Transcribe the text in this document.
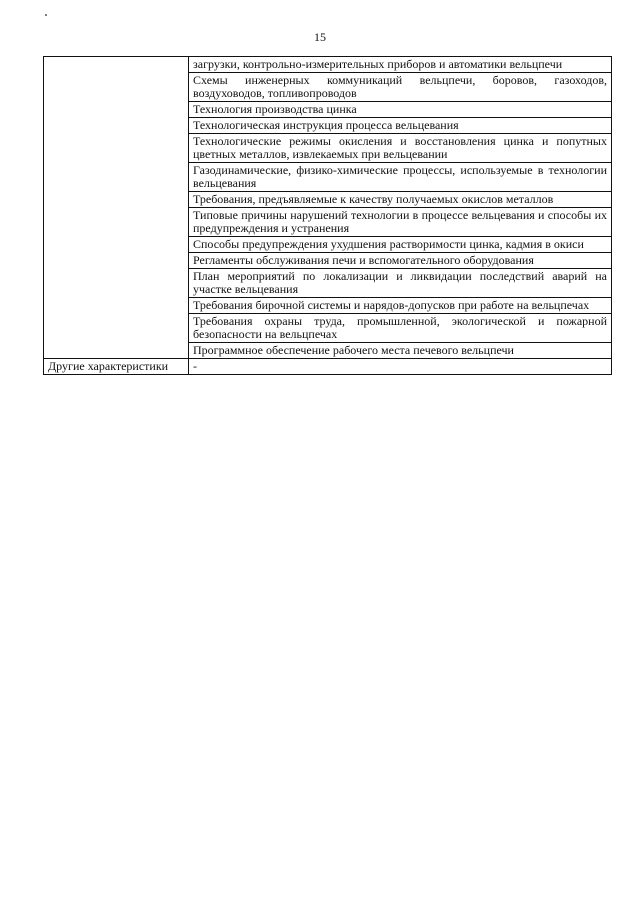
15
	загрузки, контрольно-измерительных приборов и автоматики вельцпечи
	Схемы инженерных коммуникаций вельцпечи, боровов, газоходов, воздуховодов, топливопроводов
	Технология производства цинка
	Технологическая инструкция процесса вельцевания
	Технологические режимы окисления и восстановления цинка и попутных цветных металлов, извлекаемых при вельцевании
	Газодинамические, физико-химические процессы, используемые в технологии вельцевания
	Требования, предъявляемые к качеству получаемых окислов металлов
	Типовые причины нарушений технологии в процессе вельцевания и способы их предупреждения и устранения
	Способы предупреждения ухудшения растворимости цинка, кадмия в окиси
	Регламенты обслуживания печи и вспомогательного оборудования
	План мероприятий по локализации и ликвидации последствий аварий на участке вельцевания
	Требования бирочной системы и нарядов-допусков при работе на вельцпечах
	Требования охраны труда, промышленной, экологической и пожарной безопасности на вельцпечах
	Программное обеспечение рабочего места печевого вельцпечи
Другие характеристики	-
